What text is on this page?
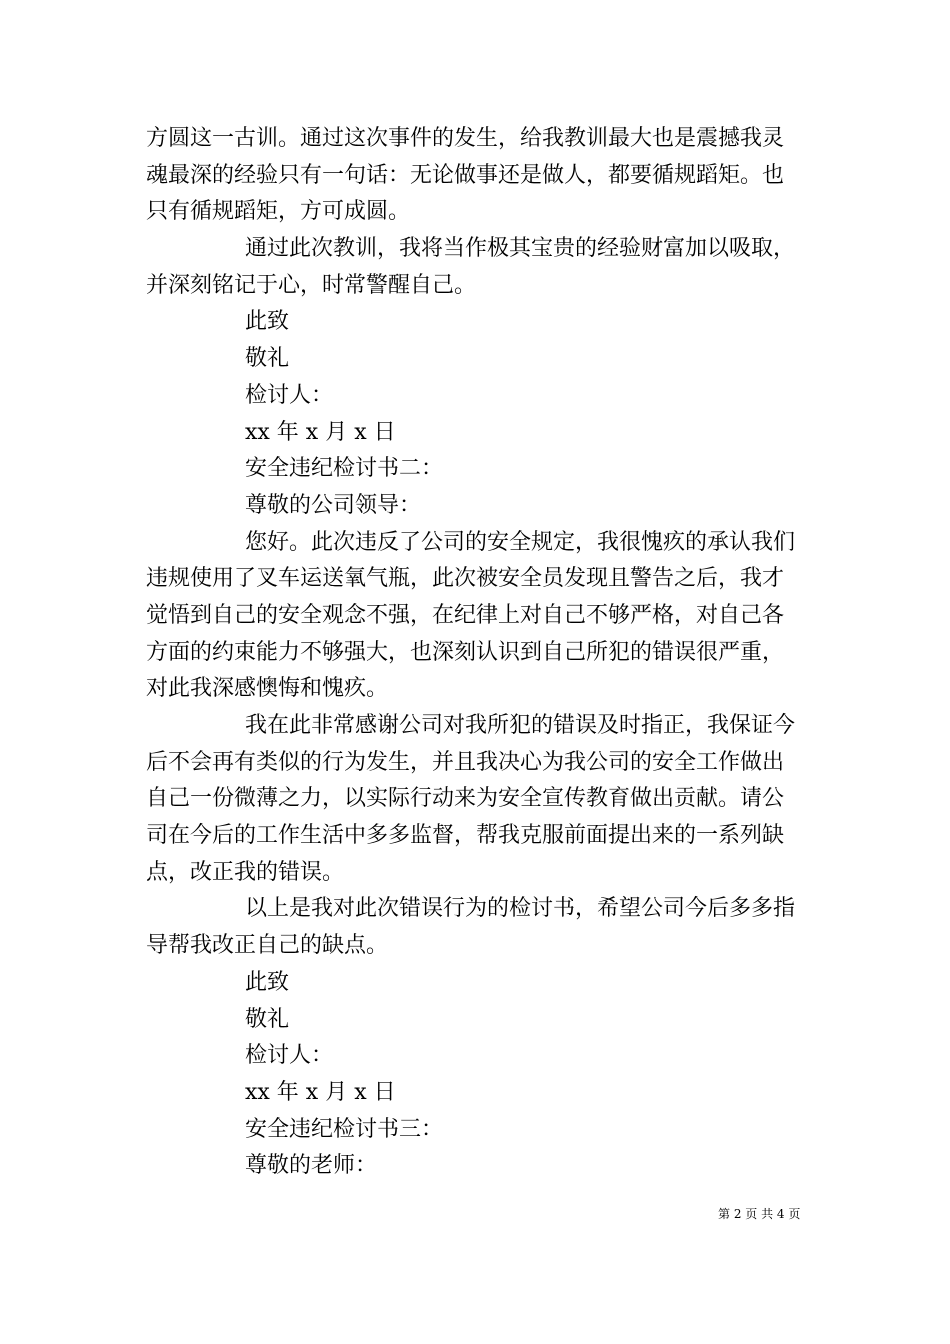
方圆这一古训。通过这次事件的发生，给我教训最大也是震撼我灵

魂最深的经验只有一句话：无论做事还是做人，都要循规蹈矩。也

只有循规蹈矩，方可成圆。

通过此次教训，我将当作极其宝贵的经验财富加以吸取，

并深刻铭记于心，时常警醒自己。

此致

敬礼

检讨人：

xx 年 x 月 x 日

安全违纪检讨书二：

尊敬的公司领导：

您好。此次违反了公司的安全规定，我很愧疚的承认我们

违规使用了叉车运送氧气瓶，此次被安全员发现且警告之后，我才

觉悟到自己的安全观念不强，在纪律上对自己不够严格，对自己各

方面的约束能力不够强大，也深刻认识到自己所犯的错误很严重，

对此我深感懊悔和愧疚。

我在此非常感谢公司对我所犯的错误及时指正，我保证今

后不会再有类似的行为发生，并且我决心为我公司的安全工作做出

自己一份微薄之力，以实际行动来为安全宣传教育做出贡献。请公

司在今后的工作生活中多多监督，帮我克服前面提出来的一系列缺

点，改正我的错误。

以上是我对此次错误行为的检讨书，希望公司今后多多指

导帮我改正自己的缺点。

此致

敬礼

检讨人：

xx 年 x 月 x 日

安全违纪检讨书三：

尊敬的老师：

第 2 页 共 4 页
